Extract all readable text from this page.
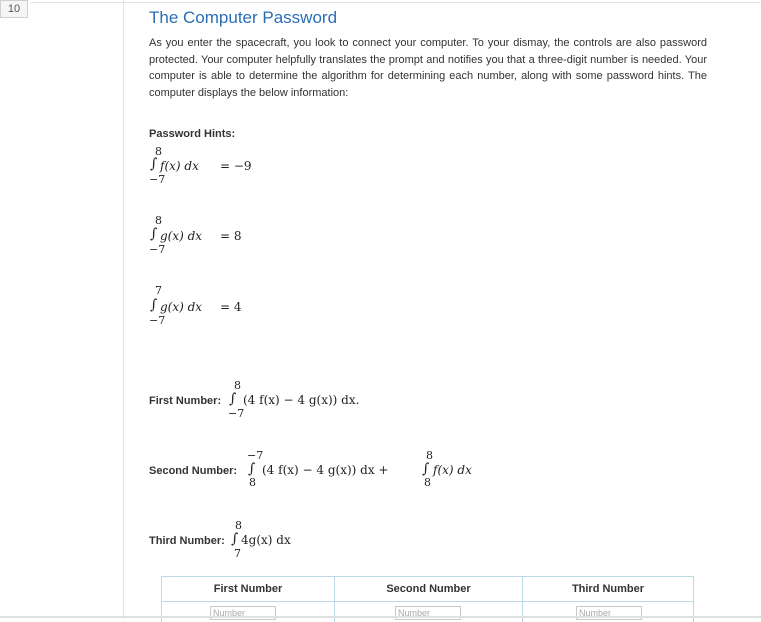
10	The Computer Password
As you enter the spacecraft, you look to connect your computer. To your dismay, the controls are also password protected. Your computer helpfully translates the prompt and notifies you that a three-digit number is needed. Your computer is able to determine the algorithm for determining each number, along with some password hints. The computer displays the below information:
Password Hints:
8
∫
−7
f(x) dx = −9
8
∫
−7
g(x) dx = 8
7
∫
−7
g(x) dx = 4
First Number:
8
∫
−7
(4 f(x) − 4 g(x)) dx.
Second Number:
−7
∫
8
(4 f(x) − 4 g(x)) dx +
8
∫
8
f(x) dx
Third Number:
8
∫
7
4g(x) dx
First Number	Second Number	Third Number
Number	Number	Number
